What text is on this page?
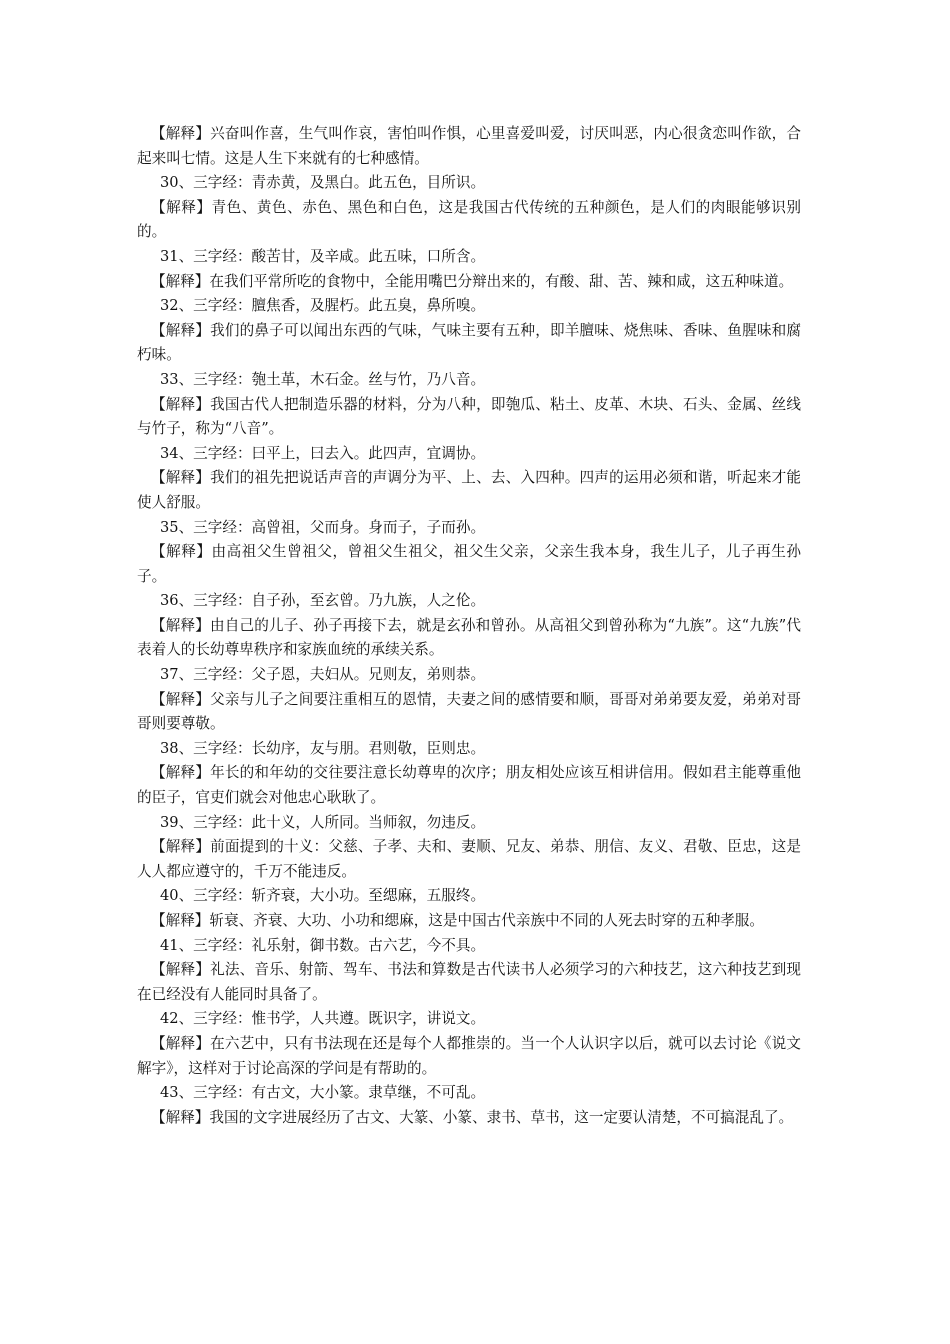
【解释】兴奋叫作喜，生气叫作哀，害怕叫作惧，心里喜爱叫爱，讨厌叫恶，内心很贪恋叫作欲，合起来叫七情。这是人生下来就有的七种感情。

30、三字经：青赤黄，及黑白。此五色，目所识。

【解释】青色、黄色、赤色、黑色和白色，这是我国古代传统的五种颜色，是人们的肉眼能够识别的。

31、三字经：酸苦甘，及辛咸。此五味，口所含。

【解释】在我们平常所吃的食物中，全能用嘴巴分辩出来的，有酸、甜、苦、辣和咸，这五种味道。

32、三字经：膻焦香，及腥朽。此五臭，鼻所嗅。

【解释】我们的鼻子可以闻出东西的气味，气味主要有五种，即羊膻味、烧焦味、香味、鱼腥味和腐朽味。

33、三字经：匏土革，木石金。丝与竹，乃八音。

【解释】我国古代人把制造乐器的材料，分为八种，即匏瓜、粘土、皮革、木块、石头、金属、丝线与竹子，称为“八音”。

34、三字经：曰平上，曰去入。此四声，宜调协。

【解释】我们的祖先把说话声音的声调分为平、上、去、入四种。四声的运用必须和谐，听起来才能使人舒服。

35、三字经：高曾祖，父而身。身而子，子而孙。

【解释】由高祖父生曾祖父，曾祖父生祖父，祖父生父亲，父亲生我本身，我生儿子，儿子再生孙子。

36、三字经：自子孙，至玄曾。乃九族，人之伦。

【解释】由自己的儿子、孙子再接下去，就是玄孙和曾孙。从高祖父到曾孙称为“九族”。这“九族”代表着人的长幼尊卑秩序和家族血统的承续关系。

37、三字经：父子恩，夫妇从。兄则友，弟则恭。

【解释】父亲与儿子之间要注重相互的恩情，夫妻之间的感情要和顺，哥哥对弟弟要友爱，弟弟对哥哥则要尊敬。

38、三字经：长幼序，友与朋。君则敬，臣则忠。

【解释】年长的和年幼的交往要注意长幼尊卑的次序；朋友相处应该互相讲信用。假如君主能尊重他的臣子，官吏们就会对他忠心耿耿了。

39、三字经：此十义，人所同。当师叙，勿违反。

【解释】前面提到的十义：父慈、子孝、夫和、妻顺、兄友、弟恭、朋信、友义、君敬、臣忠，这是人人都应遵守的，千万不能违反。

40、三字经：斩齐衰，大小功。至缌麻，五服终。

【解释】斩衰、齐衰、大功、小功和缌麻，这是中国古代亲族中不同的人死去时穿的五种孝服。

41、三字经：礼乐射，御书数。古六艺，今不具。

【解释】礼法、音乐、射箭、驾车、书法和算数是古代读书人必须学习的六种技艺，这六种技艺到现在已经没有人能同时具备了。

42、三字经：惟书学，人共遵。既识字，讲说文。

【解释】在六艺中，只有书法现在还是每个人都推崇的。当一个人认识字以后，就可以去讨论《说文解字》，这样对于讨论高深的学问是有帮助的。

43、三字经：有古文，大小篆。隶草继，不可乱。

【解释】我国的文字进展经历了古文、大篆、小篆、隶书、草书，这一定要认清楚，不可搞混乱了。
